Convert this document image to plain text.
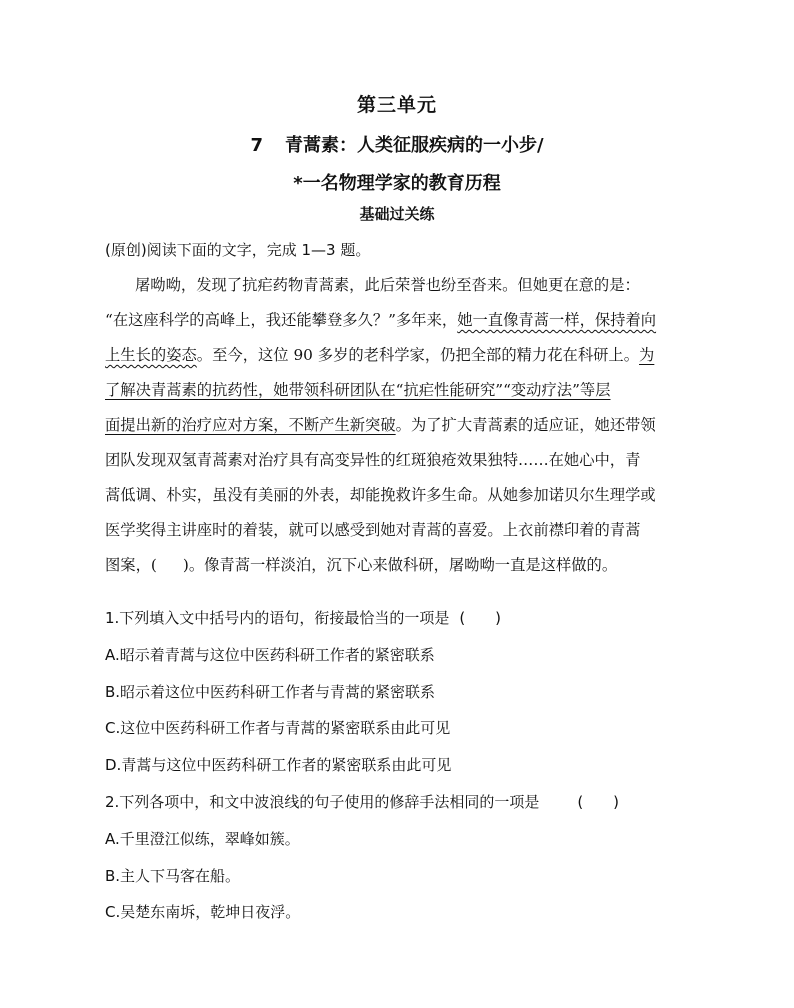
第三单元
7 青蒿素：人类征服疾病的一小步/
*一名物理学家的教育历程
基础过关练
(原创)阅读下面的文字，完成 1—3 题。
屠呦呦，发现了抗疟药物青蒿素，此后荣誉也纷至沓来。但她更在意的是：
“在这座科学的高峰上，我还能攀登多久？”多年来，她一直像青蒿一样，保持着向
上生长的姿态。至今，这位 90 多岁的老科学家，仍把全部的精力花在科研上。为
了解决青蒿素的抗药性，她带领科研团队在“抗疟性能研究”“变动疗法”等层
面提出新的治疗应对方案，不断产生新突破。为了扩大青蒿素的适应证，她还带领
团队发现双氢青蒿素对治疗具有高变异性的红斑狼疮效果独特……在她心中，青
蒿低调、朴实，虽没有美丽的外表，却能挽救许多生命。从她参加诺贝尔生理学或
医学奖得主讲座时的着装，就可以感受到她对青蒿的喜爱。上衣前襟印着的青蒿
图案，( )。像青蒿一样淡泊，沉下心来做科研，屠呦呦一直是这样做的。
1.下列填入文中括号内的语句，衔接最恰当的一项是 (　　)
A.昭示着青蒿与这位中医药科研工作者的紧密联系
B.昭示着这位中医药科研工作者与青蒿的紧密联系
C.这位中医药科研工作者与青蒿的紧密联系由此可见
D.青蒿与这位中医药科研工作者的紧密联系由此可见
2.下列各项中，和文中波浪线的句子使用的修辞手法相同的一项是	(　　)
A.千里澄江似练，翠峰如簇。
B.主人下马客在船。
C.吴楚东南坼，乾坤日夜浮。
